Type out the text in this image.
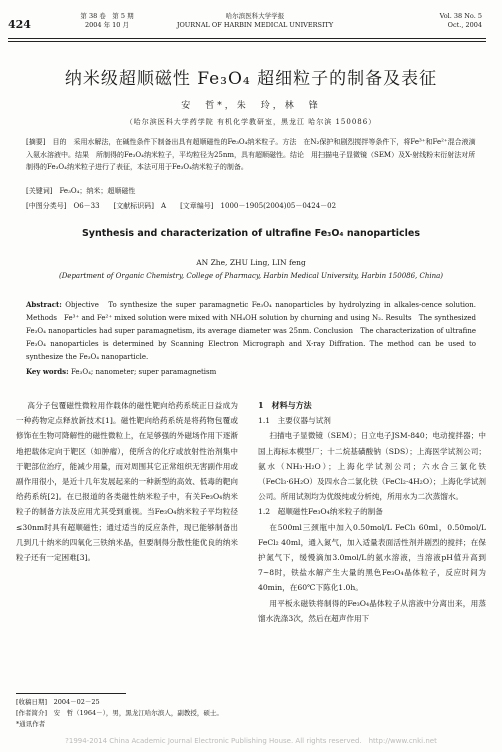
424
第 38 卷　第 5 期
2004 年 10 月
哈尔滨医科大学学报
JOURNAL OF HARBIN MEDICAL UNIVERSITY
Vol. 38 No. 5
Oct., 2004
纳米级超顺磁性 Fe₃O₄ 超细粒子的制备及表征
安　哲*，朱　玲，林　锋
（哈尔滨医科大学药学院 有机化学教研室，黑龙江 哈尔滨 150086）
[摘要]　目的　采用水解法，在碱性条件下制备出具有超顺磁性的Fe₃O₄纳米粒子。方法　在N₂保护和剧烈搅拌等条件下，将Fe³⁺和Fe²⁺混合液滴入氨水溶液中。结果　所制得的Fe₃O₄纳米粒子，平均粒径为25nm，具有超顺磁性。结论　用扫描电子显微镜（SEM）及X-射线粉末衍射法对所制得的Fe₃O₄纳米粒子进行了表征，本法可用于Fe₃O₄纳米粒子的制备。
[关键词]　Fe₃O₄；纳米；超顺磁性
[中图分类号]　O6－33　　[文献标识码]　A　　[文章编号]　1000－1905(2004)05－0424－02
Synthesis and characterization of ultrafine Fe₃O₄ nanoparticles
AN Zhe, ZHU Ling, LIN feng
(Department of Organic Chemistry, College of Pharmacy, Harbin Medical University, Harbin 150086, China)
Abstract: Objective　To synthesize the super paramagnetic Fe₃O₄ nanoparticles by hydrolyzing in alkales-cence solution. Methods　Fe³⁺ and Fe²⁺ mixed solution were mixed with NH₄OH solution by churning and using N₂. Results　The synthesized Fe₃O₄ nanoparticles had super paramagnetism, its average diameter was 25nm. Conclusion　The characterization of ultrafine Fe₃O₄ nanoparticles is determined by Scanning Electron Micrograph and X-ray Diffration. The method can be used to synthesize the Fe₃O₄ nanoparticle.
Key words: Fe₃O₄; nanometer; super paramagnetism

高分子包覆磁性微粒用作载体的磁性靶向给药系统正日益成为一种药物定点释放新技术[1]。磁性靶向给药系统是将药物包覆或修饰在生物可降解性的磁性微粒上，在足够强的外磁场作用下逐渐地把载体定向于靶区（如肿瘤），使所含的化疗或放射性治剂集中于靶部位治疗，能减少用量，而对周围其它正常组织无害副作用或副作用很小，是近十几年发展起来的一种新型的高效、低毒的靶向给药系统[2]。在已报道的各类磁性纳米粒子中，有关Fe₃O₄纳米粒子的制备方法及应用尤其受到重视。当Fe₃O₄纳米粒子平均粒径≤30nm时具有超顺磁性；通过适当的反应条件，现已能够制备出几到几十纳米的四氧化三铁纳米晶，但要制得分散性能优良的纳米粒子还有一定困难[3]。

1　材料与方法
1.1　主要仪器与试剂

扫描电子显微镜（SEM）；日立电子JSM-840；电动搅拌器；中国上海标本模型厂；十二烷基磺酸钠（SDS）；上海医学试剂公司；氨水（NH₃·H₂O）；上海化学试剂公司；六水合三氯化铁（FeCl₃·6H₂O）及四水合二氯化铁（FeCl₂·4H₂O）；上海化学试剂公司。所用试剂均为优级纯或分析纯，所用水为二次蒸馏水。

1.2　超顺磁性Fe₃O₄纳米粒子的制备

在500ml三颈瓶中加入0.50mol/L FeCl₃ 60ml，0.50mol/L FeCl₂ 40ml，通入氮气，加入适量表面活性剂并剧烈的搅拌；在保护氮气下，缓慢滴加3.0mol/L的氨水溶液，当溶液pH值升高到7~8时，铁盐水解产生大量的黑色Fe₃O₄晶体粒子，反应时间为40min，在60℃下陈化1.0h。

用平板永磁铁将制得的Fe₃O₄晶体粒子从溶液中分离出来，用蒸馏水洗涤3次，然后在超声作用下

[收稿日期]　2004－02－25
[作者简介]　安　哲（1964－），男，黑龙江哈尔滨人，副教授，硕士。
*通讯作者
?1994-2014 China Academic Journal Electronic Publishing House. All rights reserved.　http://www.cnki.net
